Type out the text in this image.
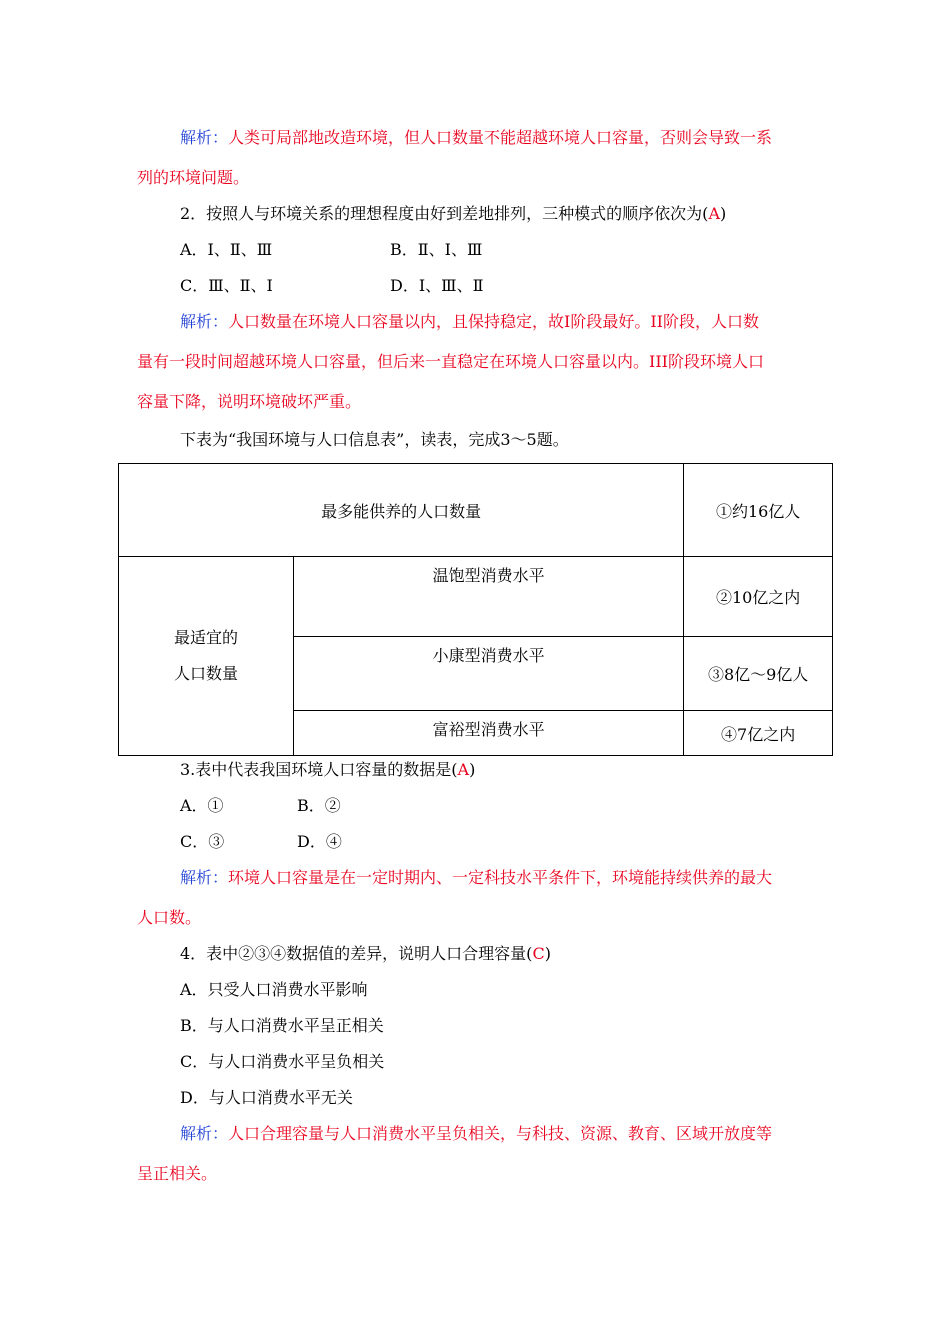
解析：人类可局部地改造环境，但人口数量不能超越环境人口容量，否则会导致一系
列的环境问题。
2．按照人与环境关系的理想程度由好到差地排列，三种模式的顺序依次为(A)
A．Ⅰ、Ⅱ、Ⅲ	B．Ⅱ、Ⅰ、Ⅲ
C．Ⅲ、Ⅱ、Ⅰ	D．Ⅰ、Ⅲ、Ⅱ
解析：人口数量在环境人口容量以内，且保持稳定，故I阶段最好。II阶段，人口数
量有一段时间超越环境人口容量，但后来一直稳定在环境人口容量以内。III阶段环境人口
容量下降，说明环境破坏严重。
下表为“我国环境与人口信息表”，读表，完成3～5题。
最多能供养的人口数量		①约16亿人

最适宜的
人口数量	温饱型消费水平	②10亿之内
	小康型消费水平	③8亿～9亿人
	富裕型消费水平	④7亿之内
3.表中代表我国环境人口容量的数据是(A)
A．①	B．②
C．③	D．④
解析：环境人口容量是在一定时期内、一定科技水平条件下，环境能持续供养的最大
人口数。
4．表中②③④数据值的差异，说明人口合理容量(C)
A．只受人口消费水平影响
B．与人口消费水平呈正相关
C．与人口消费水平呈负相关
D．与人口消费水平无关
解析：人口合理容量与人口消费水平呈负相关，与科技、资源、教育、区域开放度等
呈正相关。
